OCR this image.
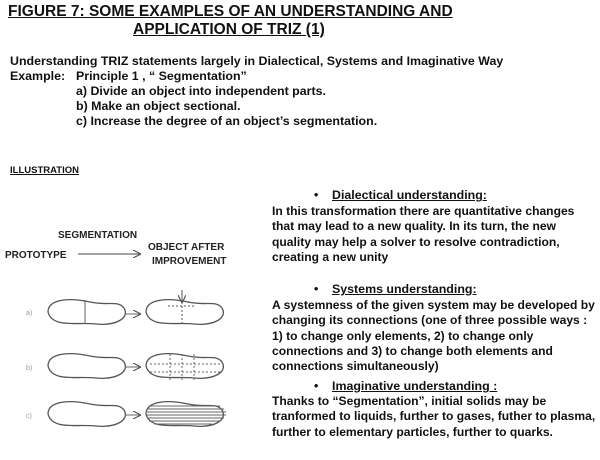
FIGURE 7: SOME EXAMPLES OF AN UNDERSTANDING AND
APPLICATION OF TRIZ (1)
Understanding TRIZ statements largely in Dialectical, Systems and Imaginative Way
Example: Principle 1 , “ Segmentation”
a) Divide an object into independent parts.
b) Make an object sectional.
c) Increase the degree of an object’s segmentation.
ILLUSTRATION
SEGMENTATION
PROTOTYPE
OBJECT AFTER
IMPROVEMENT
a)
b)
c)
• Dialectical understanding:
In this transformation there are quantitative changes that may lead to a new quality. In its turn, the new quality may help a solver to resolve contradiction, creating a new unity
• Systems understanding:
A systemness of the given system may be developed by changing its connections (one of three possible ways : 1) to change only elements, 2) to change only connections and 3) to change both elements and connections simultaneously)
• Imaginative understanding :
Thanks to “Segmentation”, initial solids may be tranformed to liquids, further to gases, futher to plasma, further to elementary particles, further to quarks.
